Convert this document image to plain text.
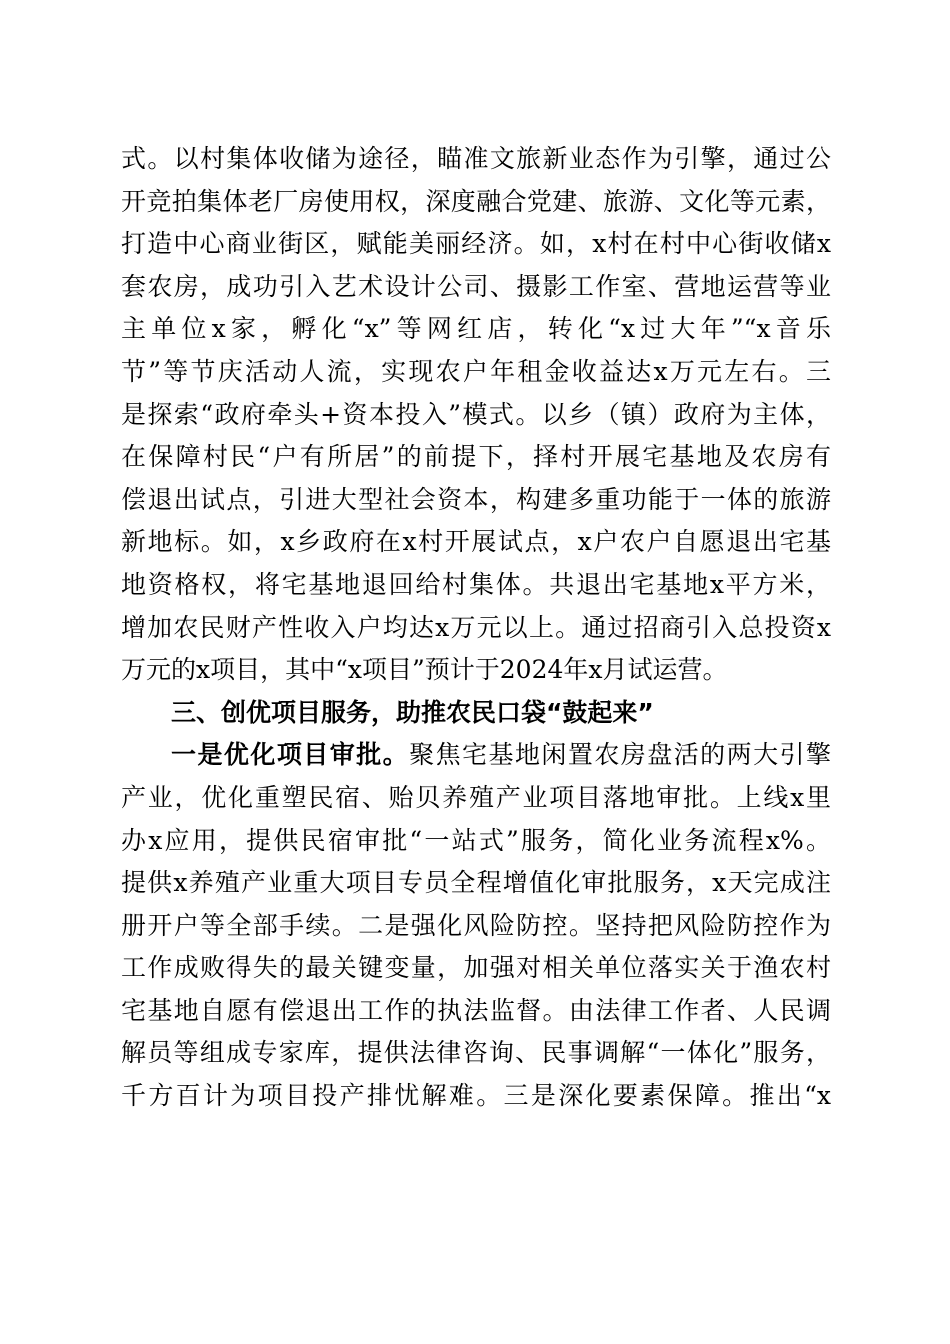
式。以村集体收储为途径，瞄准文旅新业态作为引擎，通过公
开竞拍集体老厂房使用权，深度融合党建、旅游、文化等元素，
打造中心商业街区，赋能美丽经济。如，x村在村中心街收储x
套农房，成功引入艺术设计公司、摄影工作室、营地运营等业
主单位x家，孵化“x”等网红店，转化“x过大年”“x音乐
节”等节庆活动人流，实现农户年租金收益达x万元左右。三
是探索“政府牵头+资本投入”模式。以乡（镇）政府为主体，
在保障村民“户有所居”的前提下，择村开展宅基地及农房有
偿退出试点，引进大型社会资本，构建多重功能于一体的旅游
新地标。如，x乡政府在x村开展试点，x户农户自愿退出宅基
地资格权，将宅基地退回给村集体。共退出宅基地x平方米，
增加农民财产性收入户均达x万元以上。通过招商引入总投资x
万元的x项目，其中“x项目”预计于2024年x月试运营。
三、创优项目服务，助推农民口袋“鼓起来”
一是优化项目审批。聚焦宅基地闲置农房盘活的两大引擎
产业，优化重塑民宿、贻贝养殖产业项目落地审批。上线x里
办x应用，提供民宿审批“一站式”服务，简化业务流程x%。
提供x养殖产业重大项目专员全程增值化审批服务，x天完成注
册开户等全部手续。二是强化风险防控。坚持把风险防控作为
工作成败得失的最关键变量，加强对相关单位落实关于渔农村
宅基地自愿有偿退出工作的执法监督。由法律工作者、人民调
解员等组成专家库，提供法律咨询、民事调解“一体化”服务，
千方百计为项目投产排忧解难。三是深化要素保障。推出“x
